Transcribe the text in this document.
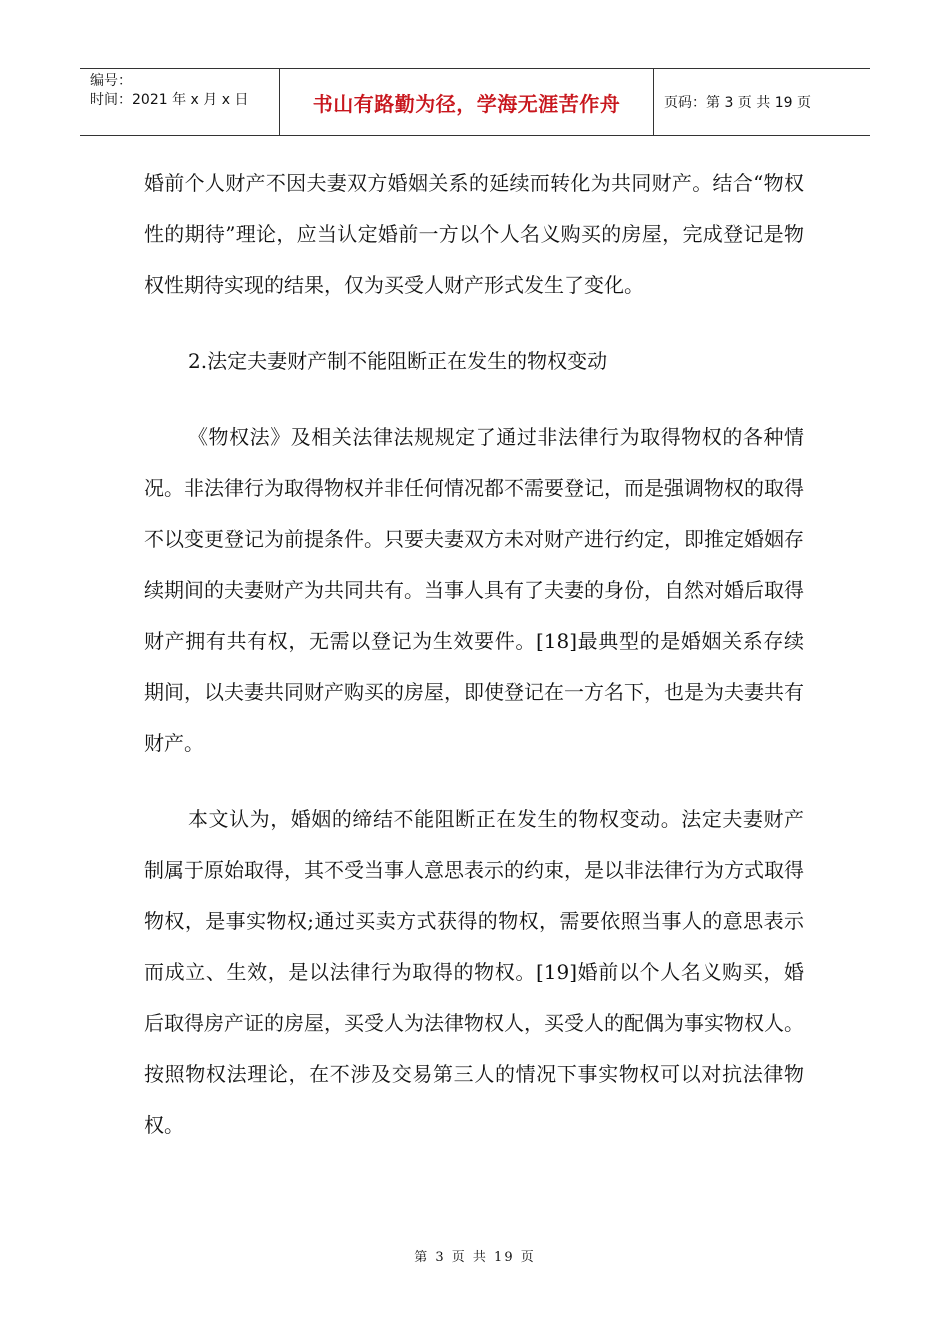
编号：
时间：2021 年 x 月 x 日	书山有路勤为径，学海无涯苦作舟	页码：第 3 页 共 19 页

婚前个人财产不因夫妻双方婚姻关系的延续而转化为共同财产。结合“物权性的期待”理论，应当认定婚前一方以个人名义购买的房屋，完成登记是物权性期待实现的结果，仅为买受人财产形式发生了变化。

2.法定夫妻财产制不能阻断正在发生的物权变动

《物权法》及相关法律法规规定了通过非法律行为取得物权的各种情况。非法律行为取得物权并非任何情况都不需要登记，而是强调物权的取得不以变更登记为前提条件。只要夫妻双方未对财产进行约定，即推定婚姻存续期间的夫妻财产为共同共有。当事人具有了夫妻的身份，自然对婚后取得财产拥有共有权，无需以登记为生效要件。[18]最典型的是婚姻关系存续期间，以夫妻共同财产购买的房屋，即使登记在一方名下，也是为夫妻共有财产。

本文认为，婚姻的缔结不能阻断正在发生的物权变动。法定夫妻财产制属于原始取得，其不受当事人意思表示的约束，是以非法律行为方式取得物权，是事实物权;通过买卖方式获得的物权，需要依照当事人的意思表示而成立、生效，是以法律行为取得的物权。[19]婚前以个人名义购买，婚后取得房产证的房屋，买受人为法律物权人，买受人的配偶为事实物权人。按照物权法理论，在不涉及交易第三人的情况下事实物权可以对抗法律物权。

第 3 页 共 19 页
